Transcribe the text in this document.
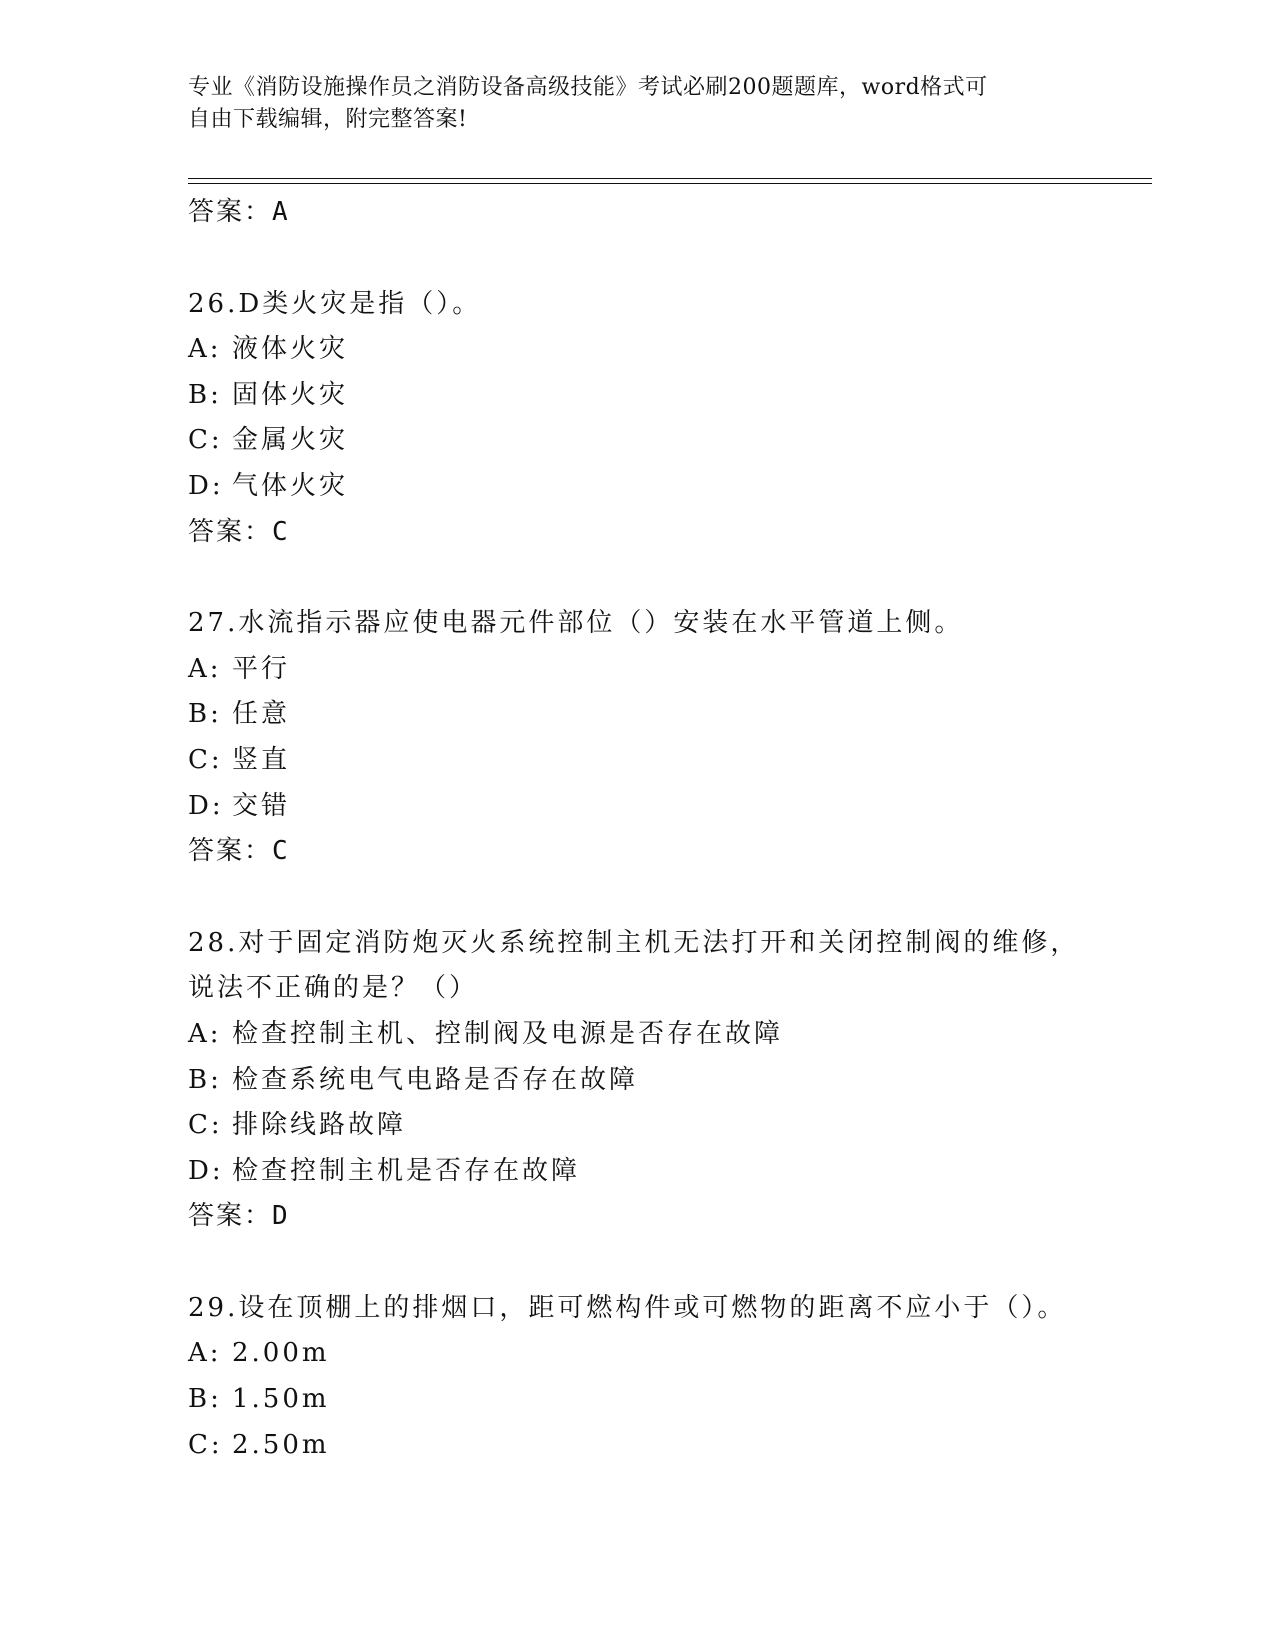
专业《消防设施操作员之消防设备高级技能》考试必刷200题题库，word格式可
自由下载编辑，附完整答案!
答案：A
26.D类火灾是指（）。
A: 液体火灾
B: 固体火灾
C: 金属火灾
D: 气体火灾
答案：C
27.水流指示器应使电器元件部位（）安装在水平管道上侧。
A: 平行
B: 任意
C: 竖直
D: 交错
答案：C
28.对于固定消防炮灭火系统控制主机无法打开和关闭控制阀的维修，
说法不正确的是？（）
A: 检查控制主机、控制阀及电源是否存在故障
B: 检查系统电气电路是否存在故障
C: 排除线路故障
D: 检查控制主机是否存在故障
答案：D
29.设在顶棚上的排烟口，距可燃构件或可燃物的距离不应小于（）。
A: 2.00m
B: 1.50m
C: 2.50m
